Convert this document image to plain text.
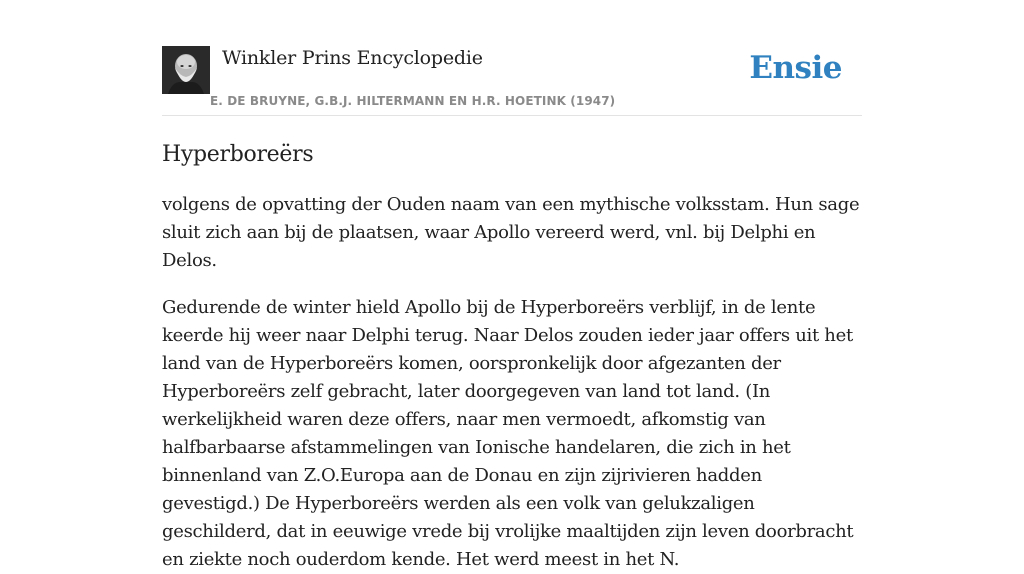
Winkler Prins Encyclopedie
E. DE BRUYNE, G.B.J. HILTERMANN EN H.R. HOETINK (1947)
Ensie
Hyperboreërs

volgens de opvatting der Ouden naam van een mythische volksstam. Hun sage sluit zich aan bij de plaatsen, waar Apollo vereerd werd, vnl. bij Delphi en Delos.

Gedurende de winter hield Apollo bij de Hyperboreërs verblijf, in de lente keerde hij weer naar Delphi terug. Naar Delos zouden ieder jaar offers uit het land van de Hyperboreërs komen, oorspronkelijk door afgezanten der Hyperboreërs zelf gebracht, later doorgegeven van land tot land. (In werkelijkheid waren deze offers, naar men vermoedt, afkomstig van halfbarbaarse afstammelingen van Ionische handelaren, die zich in het binnenland van Z.O.Europa aan de Donau en zijn zijrivieren hadden gevestigd.) De Hyperboreërs werden als een volk van gelukzaligen geschilderd, dat in eeuwige vrede bij vrolijke maaltijden zijn leven doorbracht en ziekte noch ouderdom kende. Het werd meest in het N.
